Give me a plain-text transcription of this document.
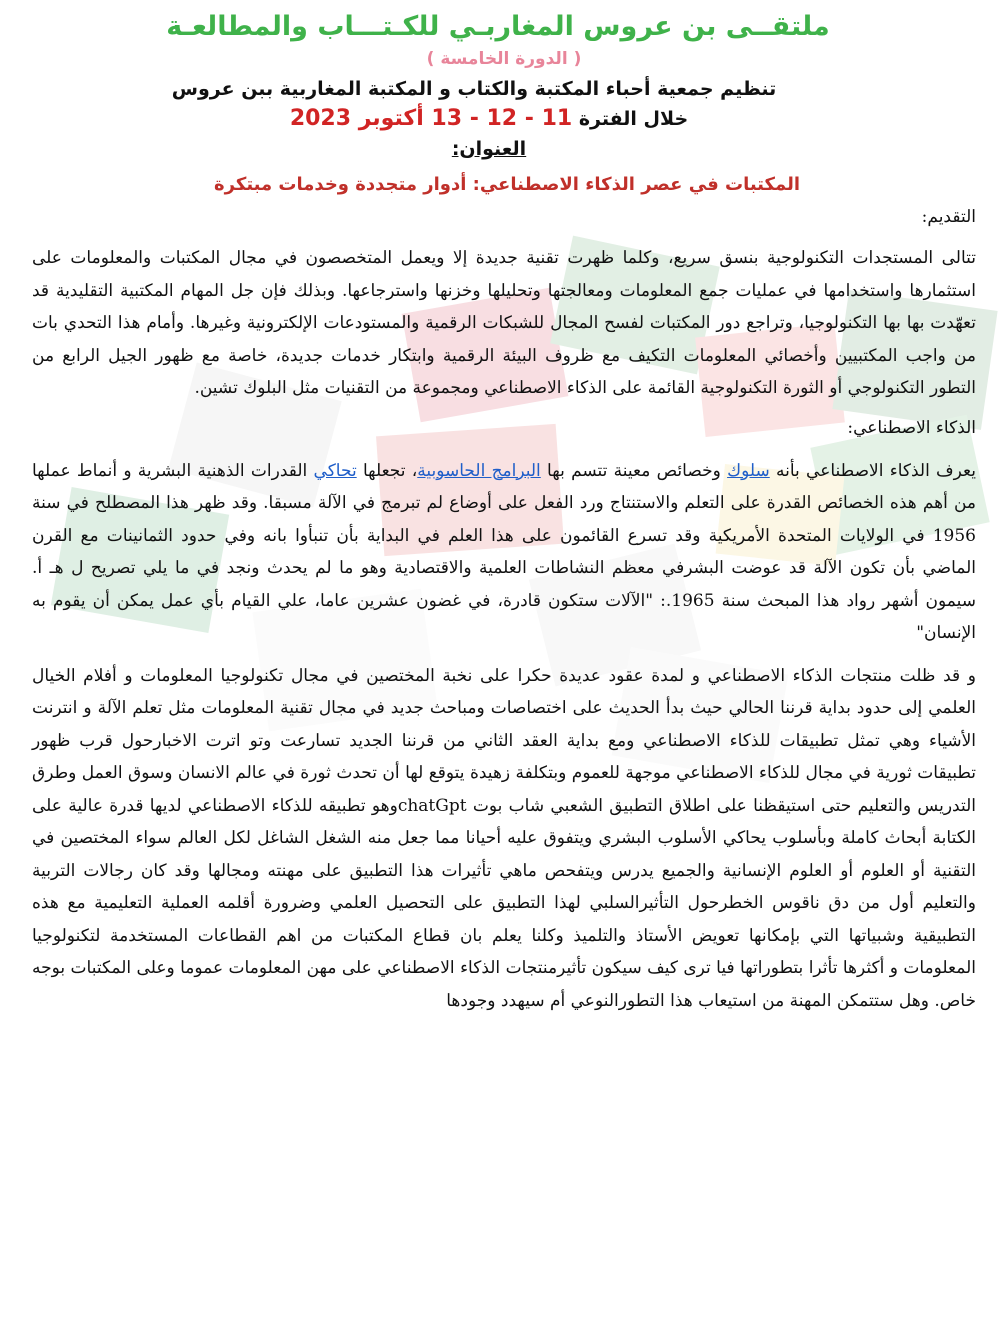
ملتقــى بن عروس المغاربـي للكـتـــاب والمطالعـة

( الدورة الخامسة )

تنظيم جمعية أحباء المكتبة والكتاب و المكتبة المغاربية ببن عروس

خلال الفترة 11 - 12 - 13 أكتوبر 2023

العنوان:

المكتبات في عصر الذكاء الاصطناعي: أدوار متجددة وخدمات مبتكرة

التقديم:

تتالى المستجدات التكنولوجية بنسق سريع، وكلما ظهرت تقنية جديدة إلا ويعمل المتخصصون في مجال المكتبات والمعلومات على استثمارها واستخدامها في عمليات جمع المعلومات ومعالجتها وتحليلها وخزنها واسترجاعها. وبذلك فإن جل المهام المكتبية التقليدية قد تعهّدت بها بها التكنولوجيا، وتراجع دور المكتبات لفسح المجال للشبكات الرقمية والمستودعات الإلكترونية وغيرها. وأمام هذا التحدي بات من واجب المكتبيين وأخصائي المعلومات التكيف مع ظروف البيئة الرقمية وابتكار خدمات جديدة، خاصة مع ظهور الجيل الرابع من التطور التكنولوجي أو الثورة التكنولوجية القائمة على الذكاء الاصطناعي ومجموعة من التقنيات مثل البلوك تشين.

الذكاء الاصطناعي:

يعرف الذكاء الاصطناعي بأنه سلوك وخصائص معينة تتسم بها البرامج الحاسوبية، تجعلها تحاكي القدرات الذهنية البشرية و أنماط عملها من أهم هذه الخصائص القدرة على التعلم والاستنتاج ورد الفعل على أوضاع لم تبرمج في الآلة مسبقا. وقد ظهر هذا المصطلح في سنة 1956 في الولايات المتحدة الأمريكية وقد تسرع القائمون على هذا العلم في البداية بأن تنبأوا بانه وفي حدود الثمانينات مع القرن الماضي بأن تكون الآلة قد عوضت البشرفي معظم النشاطات العلمية والاقتصادية وهو ما لم يحدث ونجد في ما يلي تصريح ل هـ أ. سيمون أشهر رواد هذا المبحث سنة 1965.: "الآلات ستكون قادرة، في غضون عشرين عاما، علي القيام بأي عمل يمكن أن يقوم به الإنسان"

و قد ظلت منتجات الذكاء الاصطناعي و لمدة عقود عديدة حكرا على نخبة المختصين في مجال تكنولوجيا المعلومات و أفلام الخيال العلمي إلى حدود بداية قرننا الحالي حيث بدأ الحديث على اختصاصات ومباحث جديد في مجال تقنية المعلومات مثل تعلم الآلة و انترنت الأشياء وهي تمثل تطبيقات للذكاء الاصطناعي ومع بداية العقد الثاني من قرننا الجديد تسارعت وتو اترت الاخبارحول قرب ظهور تطبيقات ثورية في مجال للذكاء الاصطناعي موجهة للعموم وبتكلفة زهيدة يتوقع لها أن تحدث ثورة في عالم الانسان وسوق العمل وطرق التدريس والتعليم حتى استيقظنا على اطلاق التطبيق الشعبي شاب بوت chatGptوهو تطبيقه للذكاء الاصطناعي لديها قدرة عالية على الكتابة أبحاث كاملة وبأسلوب يحاكي الأسلوب البشري ويتفوق عليه أحيانا مما جعل منه الشغل الشاغل لكل العالم سواء المختصين في التقنية أو العلوم أو العلوم الإنسانية والجميع يدرس ويتفحص ماهي تأثيرات هذا التطبيق على مهنته ومجالها وقد كان رجالات التربية والتعليم أول من دق ناقوس الخطرحول التأثيرالسلبي لهذا التطبيق على التحصيل العلمي وضرورة أقلمه العملية التعليمية مع هذه التطبيقية وشبياتها التي بإمكانها تعويض الأستاذ والتلميذ وكلنا يعلم بان قطاع المكتبات من اهم القطاعات المستخدمة لتكنولوجيا المعلومات و أكثرها تأثرا بتطوراتها فيا ترى كيف سيكون تأثيرمنتجات الذكاء الاصطناعي على مهن المعلومات عموما وعلى المكتبات بوجه خاص. وهل ستتمكن المهنة من استيعاب هذا التطورالنوعي أم سيهدد وجودها
